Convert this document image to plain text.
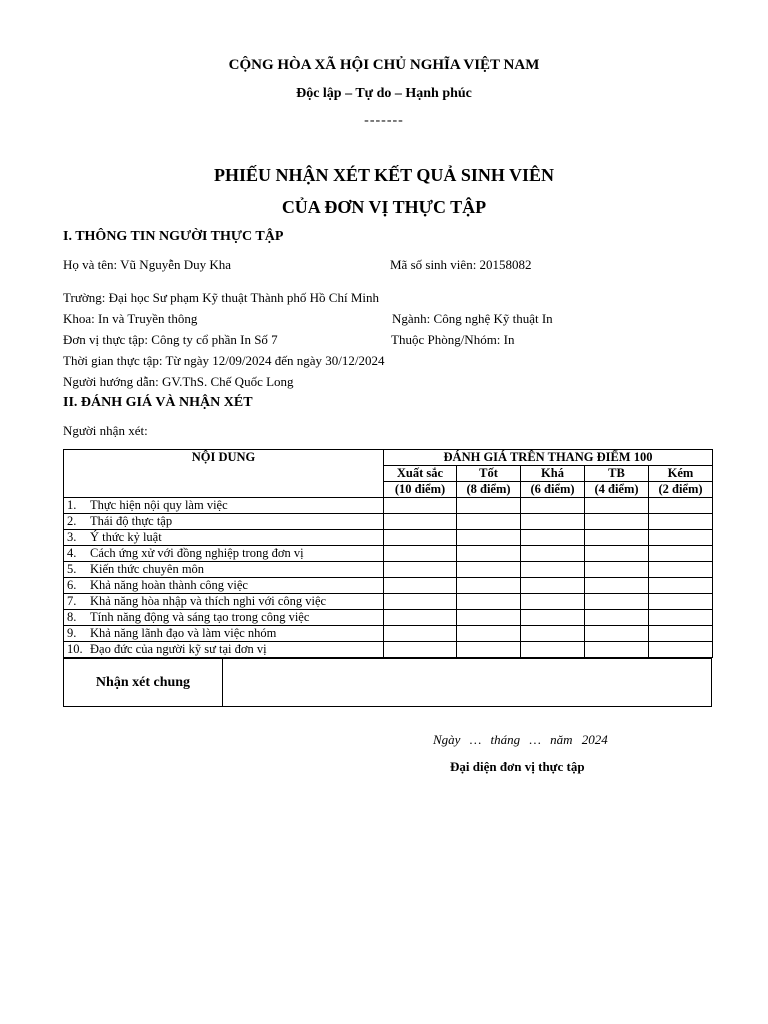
CỘNG HÒA XÃ HỘI CHỦ NGHĨA VIỆT NAM
Độc lập – Tự do – Hạnh phúc
-------
PHIẾU NHẬN XÉT KẾT QUẢ SINH VIÊN
CỦA ĐƠN VỊ THỰC TẬP
I. THÔNG TIN NGƯỜI THỰC TẬP
Họ và tên: Vũ Nguyễn Duy Kha	Mã số sinh viên: 20158082
Trường: Đại học Sư phạm Kỹ thuật Thành phố Hồ Chí Minh
Khoa: In và Truyền thông	Ngành: Công nghệ Kỹ thuật In
Đơn vị thực tập: Công ty cổ phần In Số 7	Thuộc Phòng/Nhóm: In
Thời gian thực tập: Từ ngày 12/09/2024 đến ngày 30/12/2024
Người hướng dẫn: GV.ThS. Chế Quốc Long
II. ĐÁNH GIÁ VÀ NHẬN XÉT
Người nhận xét:
NỘI DUNG	ĐÁNH GIÁ TRÊN THANG ĐIỂM 100				
	Xuất sắc	Tốt	Khá	TB	Kém
	(10 điểm)	(8 điểm)	(6 điểm)	(4 điểm)	(2 điểm)
1. Thực hiện nội quy làm việc					
2. Thái độ thực tập					
3. Ý thức kỷ luật					
4. Cách ứng xử với đồng nghiệp trong đơn vị					
5. Kiến thức chuyên môn					
6. Khả năng hoàn thành công việc					
7. Khả năng hòa nhập và thích nghi với công việc					
8. Tính năng động và sáng tạo trong công việc					
9. Khả năng lãnh đạo và làm việc nhóm					
10. Đạo đức của người kỹ sư tại đơn vị					
Nhận xét chung	
Ngày … tháng … năm 2024
Đại diện đơn vị thực tập
